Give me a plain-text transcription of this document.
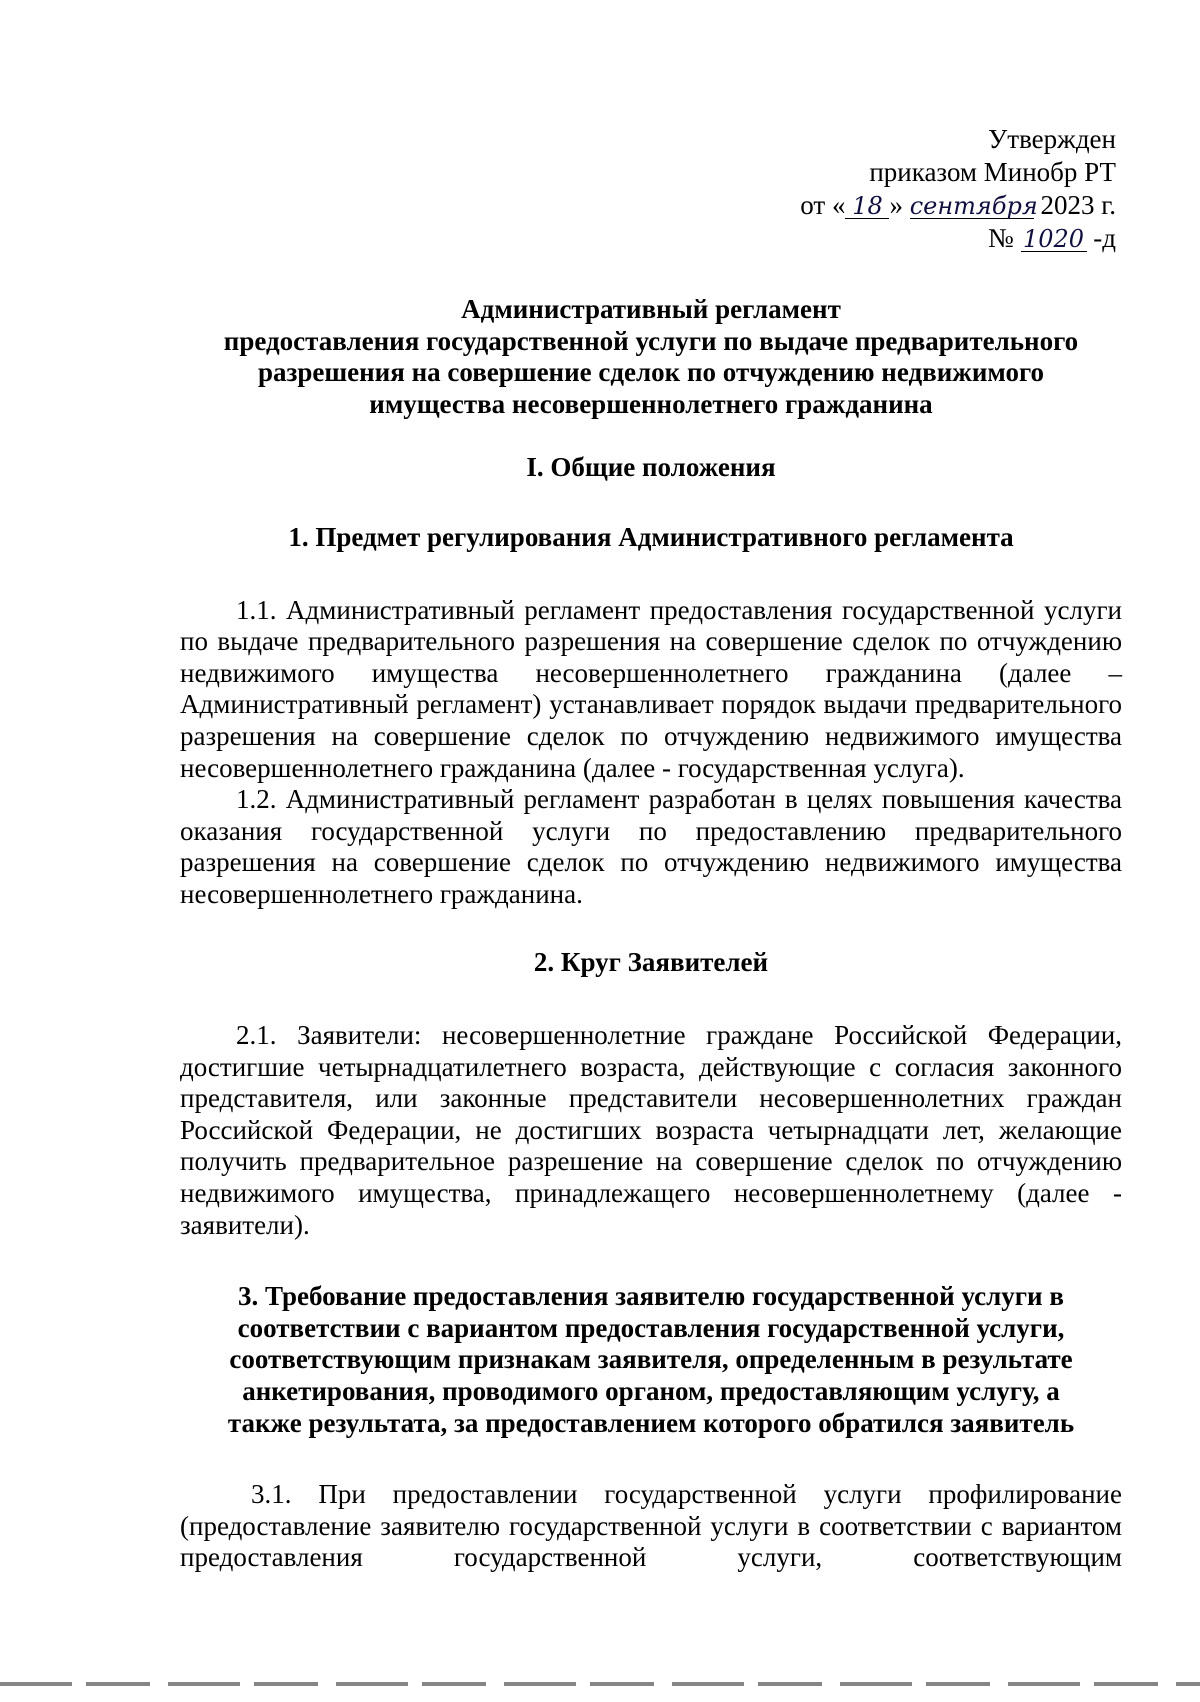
Утвержден
приказом Минобр РТ
от « 18 » сентября 2023 г.
№ 1020 -д
Административный регламент
предоставления государственной услуги по выдаче предварительного
разрешения на совершение сделок по отчуждению недвижимого
имущества несовершеннолетнего гражданина
I. Общие положения
1. Предмет регулирования Административного регламента

1.1. Административный регламент предоставления государственной услуги по выдаче предварительного разрешения на совершение сделок по отчуждению недвижимого имущества несовершеннолетнего гражданина (далее – Административный регламент) устанавливает порядок выдачи предварительного разрешения на совершение сделок по отчуждению недвижимого имущества несовершеннолетнего гражданина (далее - государственная услуга).

1.2. Административный регламент разработан в целях повышения качества оказания государственной услуги по предоставлению предварительного разрешения на совершение сделок по отчуждению недвижимого имущества несовершеннолетнего гражданина.

2. Круг Заявителей

2.1. Заявители: несовершеннолетние граждане Российской Федерации, достигшие четырнадцатилетнего возраста, действующие с согласия законного представителя, или законные представители несовершеннолетних граждан Российской Федерации, не достигших возраста четырнадцати лет, желающие получить предварительное разрешение на совершение сделок по отчуждению недвижимого имущества, принадлежащего несовершеннолетнему (далее - заявители).

3. Требование предоставления заявителю государственной услуги в
соответствии с вариантом предоставления государственной услуги,
соответствующим признакам заявителя, определенным в результате
анкетирования, проводимого органом, предоставляющим услугу, а
также результата, за предоставлением которого обратился заявитель

3.1. При предоставлении государственной услуги профилирование (предоставление заявителю государственной услуги в соответствии с вариантом предоставления государственной услуги, соответствующим
